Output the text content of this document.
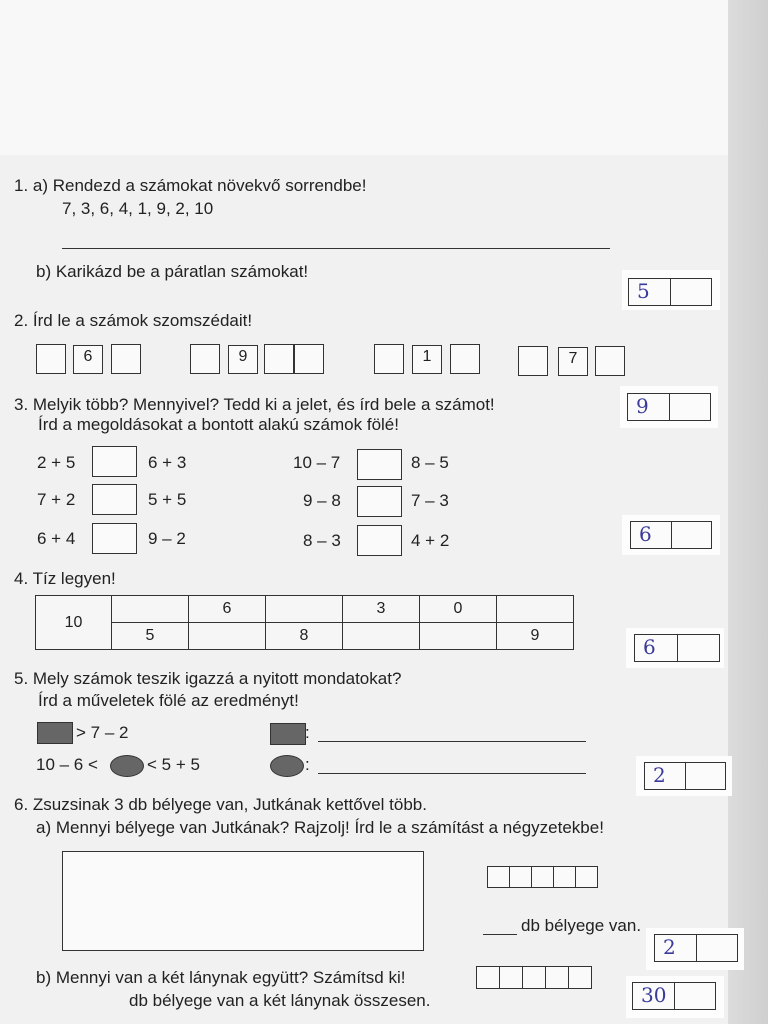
1. a) Rendezd a számokat növekvő sorrendbe!
7, 3, 6, 4, 1, 9, 2, 10
b) Karikázd be a páratlan számokat!
5
2. Írd le a számok szomszédait!
6	9	1	7
3. Melyik több? Mennyivel? Tedd ki a jelet, és írd bele a számot!
Írd a megoldásokat a bontott alakú számok fölé!
9
2 + 5	6 + 3
7 + 2	5 + 5
6 + 4	9 – 2
10 – 7	8 – 5
9 – 8	7 – 3
8 – 3	4 + 2	6
4. Tíz legyen!
10		6		3	0	
	5		8			9	6
5. Mely számok teszik igazzá a nyitott mondatokat?
Írd a műveletek fölé az eredményt!
> 7 – 2	:
10 – 6 <	< 5 + 5	:	2
6. Zsuzsinak 3 db bélyege van, Jutkának kettővel több.
a) Mennyi bélyege van Jutkának? Rajzolj! Írd le a számítást a négyzetekbe!
db bélyege van.
2
b) Mennyi van a két lánynak együtt? Számítsd ki!
db bélyege van a két lánynak összesen.	30
